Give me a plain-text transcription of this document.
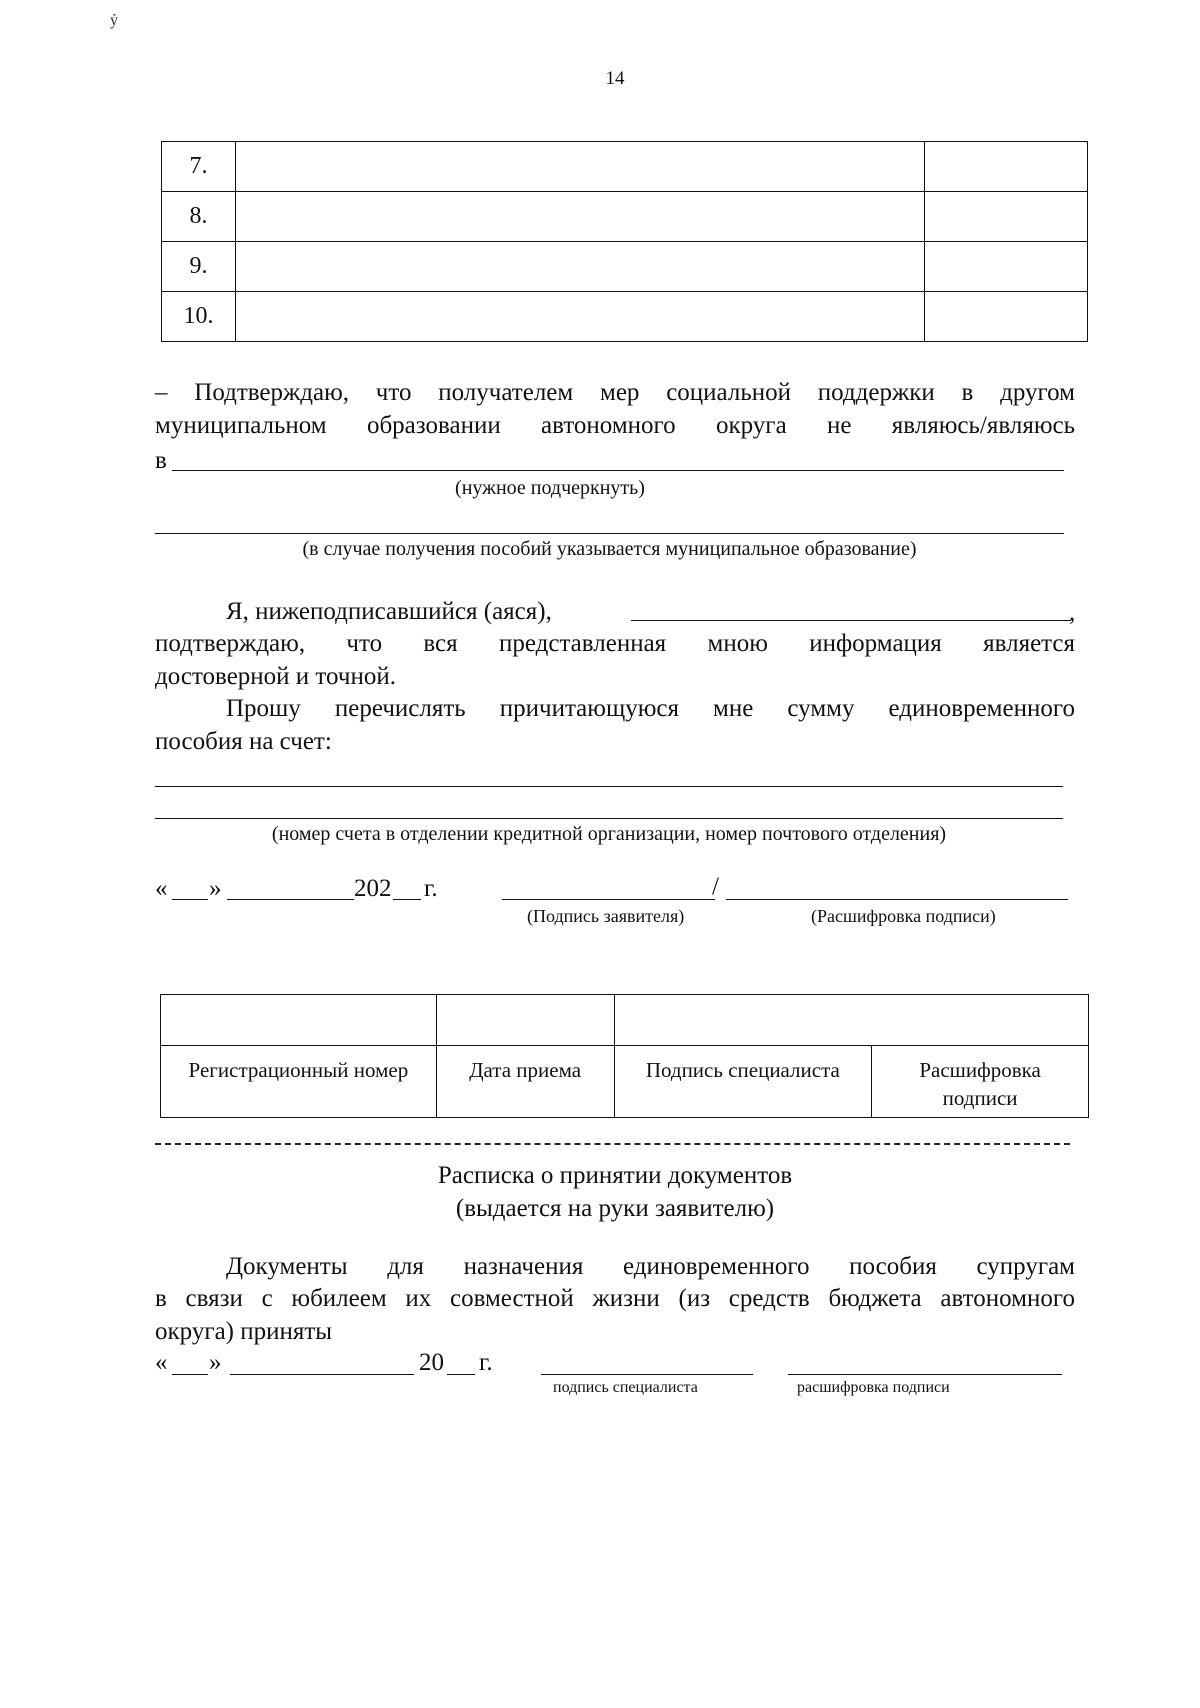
ỷ
14
7.		
8.		
9.		
10.		
– Подтверждаю, что получателем мер социальной поддержки в другом
муниципальном образовании автономного округа не являюсь/являюсь
в
(нужное подчеркнуть)
(в случае получения пособий указывается муниципальное образование)
Я, нижеподписавшийся (аяся),	,
подтверждаю, что вся представленная мною информация является
достоверной и точной.
Прошу перечислять причитающуюся мне сумму единовременного
пособия на счет:
(номер счета в отделении кредитной организации, номер почтового отделения)
« »	202 г.	/
(Подпись заявителя)	(Расшифровка подписи)

Регистрационный номер	Дата приема	Подпись специалиста	Расшифровка
подписи
Расписка о принятии документов
(выдается на руки заявителю)
Документы для назначения единовременного пособия супругам
в связи с юбилеем их совместной жизни (из средств бюджета автономного
округа) приняты
« »	20 г.
подпись специалиста	расшифровка подписи
